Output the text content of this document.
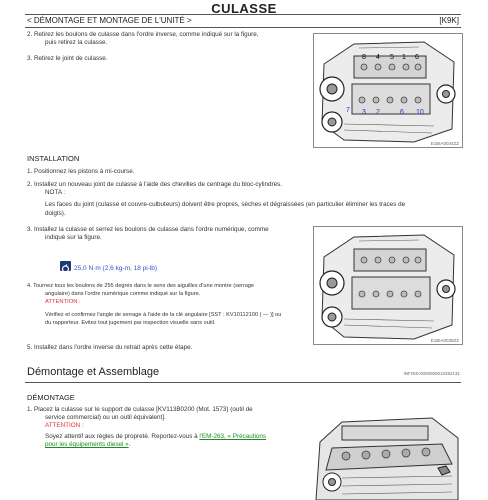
CULASSE
< DÉMONTAGE ET MONTAGE DE L'UNITÉ >	[K9K]
2. Retirez les boulons de culasse dans l'ordre inverse, comme indiqué sur la figure,
puis retirez la culasse.
3. Retirez le joint de culasse.	8 4 5 1 6
7 3 2	6 10
E1BIA0034ZZ
INSTALLATION
1. Positionnez les pistons à mi-course.
2. Installez un nouveau joint de culasse à l'aide des chevilles de centrage du bloc-cylindres.
NOTA :
Les faces du joint (culasse et couvre-culbuteurs) doivent être propres, sèches et dégraissées (en particulier éliminer les traces de
doigts).
3. Installez la culasse et serrez les boulons de culasse dans l'ordre numérique, comme
indiqué sur la figure.
25,0 N·m (2,6 kg-m, 18 pi-lb)
4. Tournez tous les boulons de 255 degrés dans le sens des aiguilles d'une montre (serrage
angulaire) dans l'ordre numérique comme indiqué sur la figure.
ATTENTION :
Vérifiez et confirmez l'angle de serrage à l'aide de la clé angulaire [SST : KV10112100 ( — )] ou
du rapporteur. Evitez tout jugement par inspection visuelle sans outil.
E1BIA0035ZZ
5. Installez dans l'ordre inverse du retrait après cette étape.
Démontage et Assemblage	INFOID:0000000010282131
DÉMONTAGE
1. Placez la culasse sur le support de culasse [KV113B0200 (Mot. 1573) (outil de
service commercial) ou un outil équivalent].
ATTENTION :
Soyez attentif aux règles de propreté. Reportez-vous à l'EM-263, « Précautions
pour les équipements diesel ».
